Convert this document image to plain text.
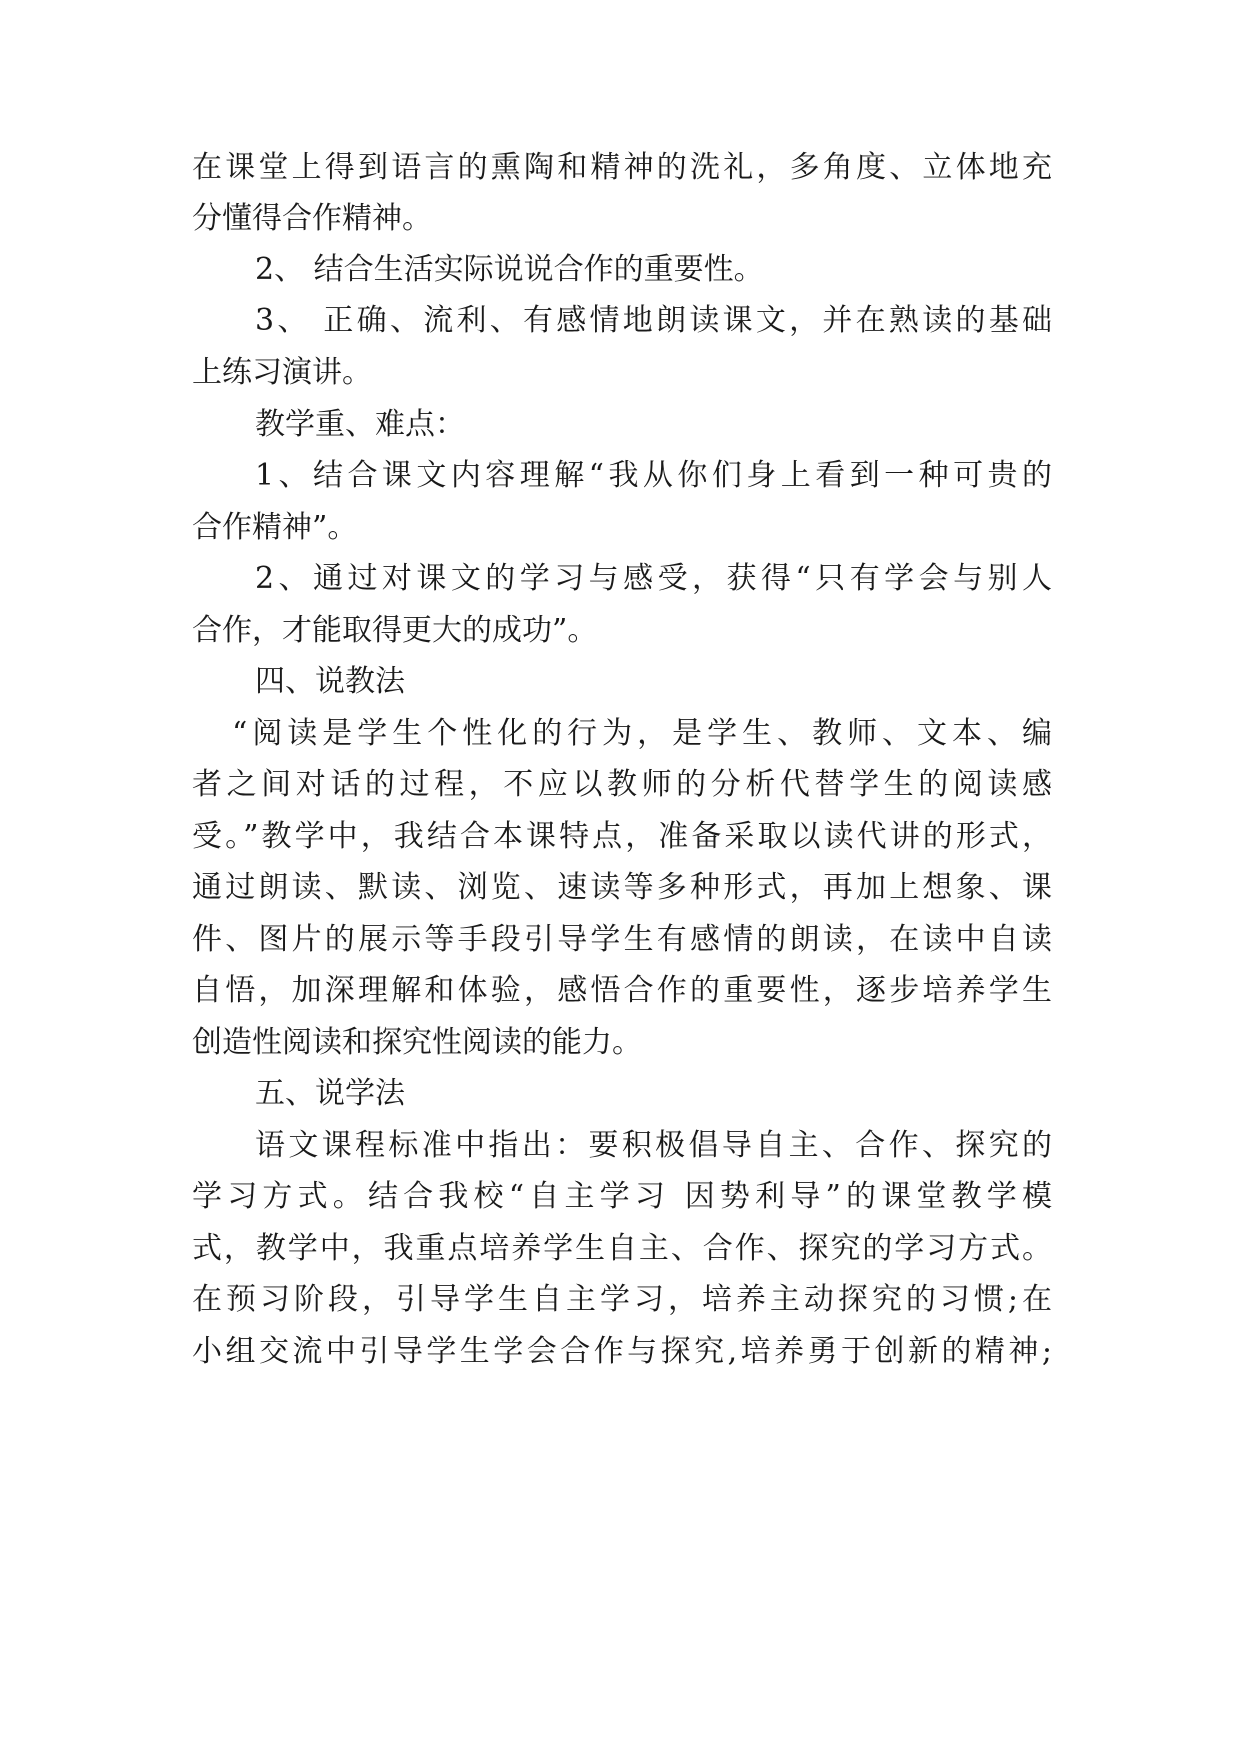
在课堂上得到语言的熏陶和精神的洗礼，多角度、立体地充

分懂得合作精神。

2、 结合生活实际说说合作的重要性。

3、 正确、流利、有感情地朗读课文，并在熟读的基础

上练习演讲。

教学重、难点：

1、结合课文内容理解“我从你们身上看到一种可贵的

合作精神”。

2、通过对课文的学习与感受，获得“只有学会与别人

合作，才能取得更大的成功”。

四、说教法

“阅读是学生个性化的行为，是学生、教师、文本、编

者之间对话的过程，不应以教师的分析代替学生的阅读感

受。”教学中，我结合本课特点，准备采取以读代讲的形式，

通过朗读、默读、浏览、速读等多种形式，再加上想象、课

件、图片的展示等手段引导学生有感情的朗读，在读中自读

自悟，加深理解和体验，感悟合作的重要性，逐步培养学生

创造性阅读和探究性阅读的能力。

五、说学法

语文课程标准中指出：要积极倡导自主、合作、探究的

学习方式。结合我校“自主学习 因势利导”的课堂教学模

式，教学中，我重点培养学生自主、合作、探究的学习方式。

在预习阶段，引导学生自主学习，培养主动探究的习惯;在

小组交流中引导学生学会合作与探究,培养勇于创新的精神;
